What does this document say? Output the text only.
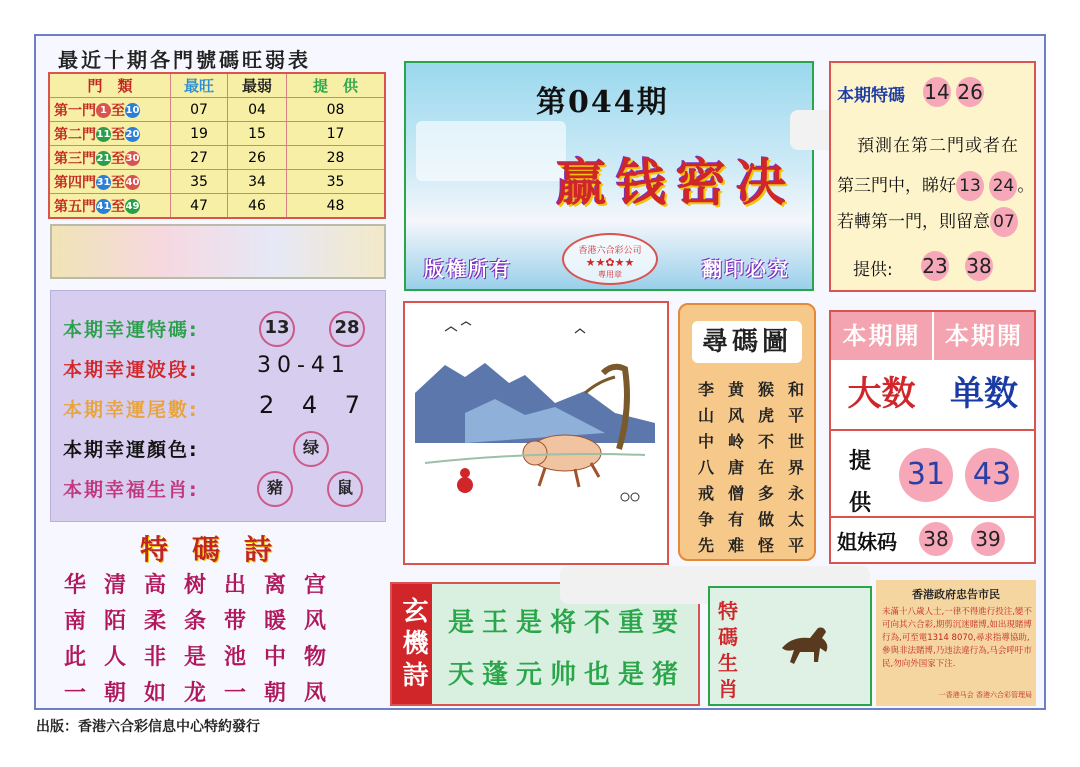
最近十期各門號碼旺弱表
門　類	最旺	最弱	提　供
第一門 1 至10	07	04	08
第二門11至20	19	15	17
第三門21至30	27	26	28
第四門31至40	35	34	35
第五門41至49	47	46	48
第044期
赢钱密决
版権所有	翻印必究
香港六合彩公司
★★✿★★
專用章
本期特碼 14 26
預測在第二門或者在
第三門中，睇好 13 24 。
若轉第一門，則留意 07
提供: 23 38
本期幸運特碼:	13	28
本期幸運波段:	30-41
本期幸運尾數:	2 4 7
本期幸運顏色:	绿
本期幸福生肖:	豬	鼠
尋碼圖
和平世界永太平
猴虎不在多做怪
黄风岭唐僧有难
李山中八戒争先
本期開	本期開
大数	单数
提供
31 43
姐妹码 38 39
特碼詩
华清高树出离宫
南陌柔条带暖风
此人非是池中物
一朝如龙一朝凤 玄機詩 是王是将不重要
天蓬元帅也是猪
特碼生肖
香港政府忠告市民
未滿十八歲人士,一律不得進行投注,變不可向其六合彩,期剪沉迷賭博,如出現賭博行為,可至電1314 8070,尋求指導協助,參與非法賭博,乃违法違行為,马会呼吁市民,勿向外国家下注.
一香港马会 香港六合彩管理局
出版：香港六合彩信息中心特約發行
